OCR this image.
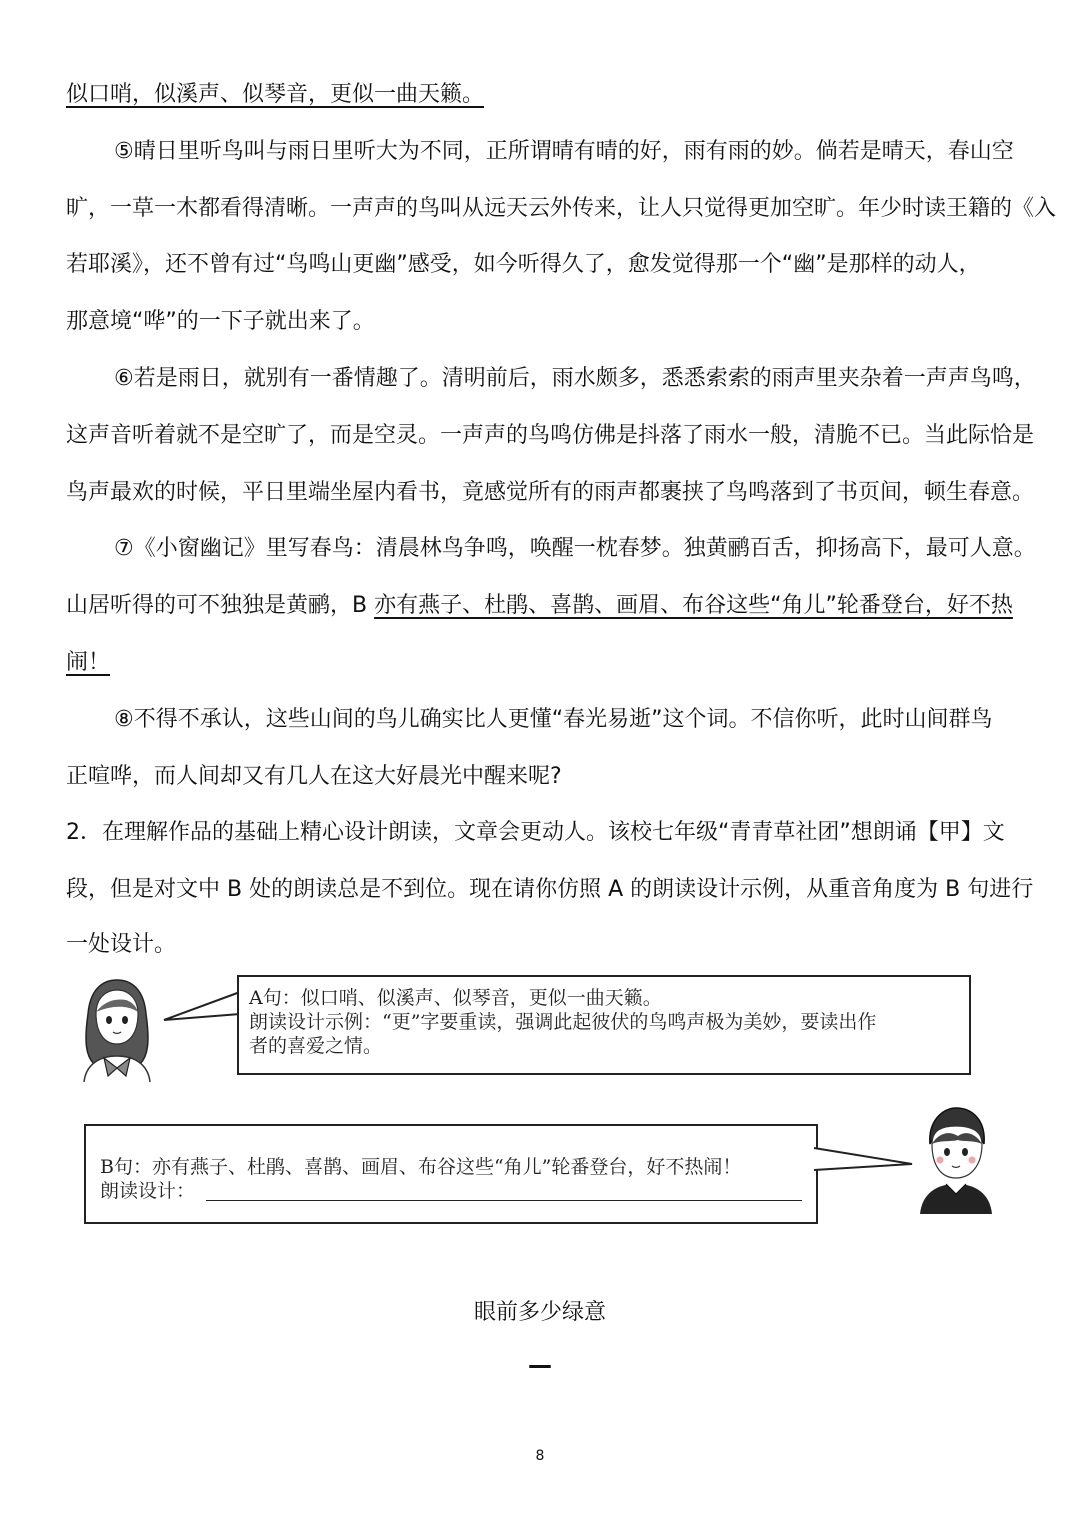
似口哨，似溪声、似琴音，更似一曲天籁。
⑤晴日里听鸟叫与雨日里听大为不同，正所谓晴有晴的好，雨有雨的妙。倘若是晴天，春山空
旷，一草一木都看得清晰。一声声的鸟叫从远天云外传来，让人只觉得更加空旷。年少时读王籍的《入
若耶溪》，还不曾有过“鸟鸣山更幽”感受，如今听得久了，愈发觉得那一个“幽”是那样的动人，
那意境“哗”的一下子就出来了。
⑥若是雨日，就别有一番情趣了。清明前后，雨水颇多，悉悉索索的雨声里夹杂着一声声鸟鸣，
这声音听着就不是空旷了，而是空灵。一声声的鸟鸣仿佛是抖落了雨水一般，清脆不已。当此际恰是
鸟声最欢的时候，平日里端坐屋内看书，竟感觉所有的雨声都裹挟了鸟鸣落到了书页间，顿生春意。
⑦《小窗幽记》里写春鸟：清晨林鸟争鸣，唤醒一枕春梦。独黄鹂百舌，抑扬高下，最可人意。
山居听得的可不独独是黄鹂，B 亦有燕子、杜鹃、喜鹊、画眉、布谷这些“角儿”轮番登台，好不热
闹！
⑧不得不承认，这些山间的鸟儿确实比人更懂“春光易逝”这个词。不信你听，此时山间群鸟
正喧哗，而人间却又有几人在这大好晨光中醒来呢?
2．在理解作品的基础上精心设计朗读，文章会更动人。该校七年级“青青草社团”想朗诵【甲】文
段，但是对文中 B 处的朗读总是不到位。现在请你仿照 A 的朗读设计示例，从重音角度为 B 句进行
一处设计。
A句：似口哨、似溪声、似琴音，更似一曲天籁。
朗读设计示例：“更”字要重读，强调此起彼伏的鸟鸣声极为美妙，要读出作
者的喜爱之情。
B句：亦有燕子、杜鹃、喜鹊、画眉、布谷这些“角儿”轮番登台，好不热闹！
朗读设计：
眼前多少绿意
—
8
